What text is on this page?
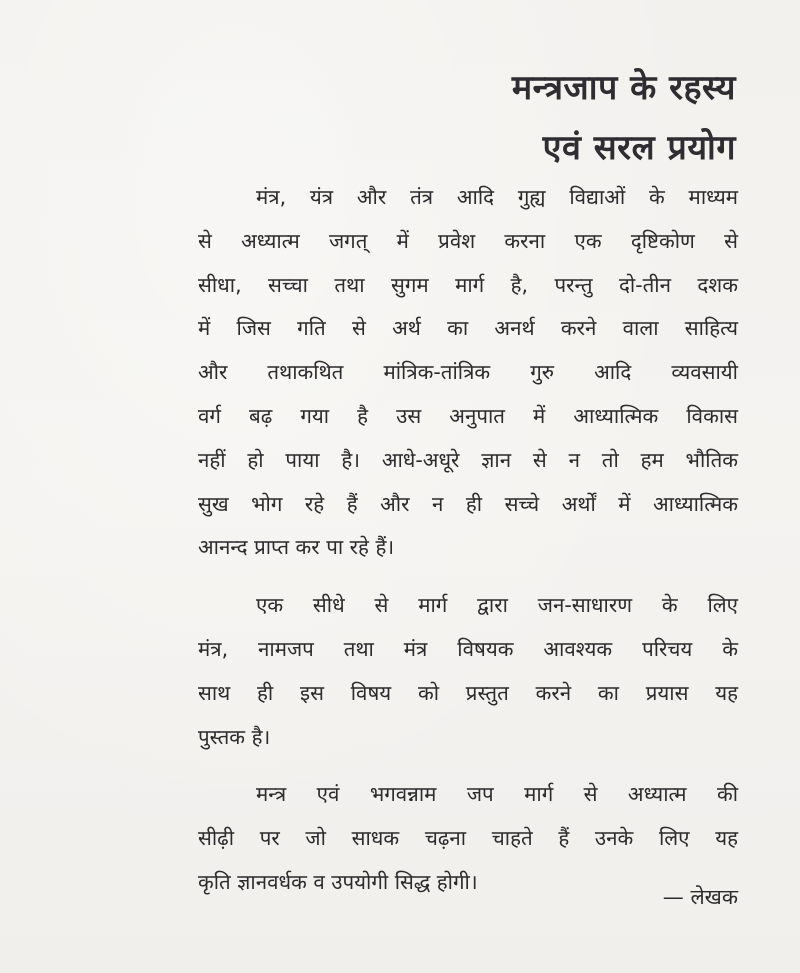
मन्त्रजाप के रहस्य
एवं सरल प्रयोग
मंत्र, यंत्र और तंत्र आदि गुह्य विद्याओं के माध्यम
से अध्यात्म जगत् में प्रवेश करना एक दृष्टिकोण से
सीधा, सच्चा तथा सुगम मार्ग है, परन्तु दो-तीन दशक
में जिस गति से अर्थ का अनर्थ करने वाला साहित्य
और तथाकथित मांत्रिक-तांत्रिक गुरु आदि व्यवसायी
वर्ग बढ़ गया है उस अनुपात में आध्यात्मिक विकास
नहीं हो पाया है। आधे-अधूरे ज्ञान से न तो हम भौतिक
सुख भोग रहे हैं और न ही सच्चे अर्थों में आध्यात्मिक
आनन्द प्राप्त कर पा रहे हैं।
एक सीधे से मार्ग द्वारा जन-साधारण के लिए
मंत्र, नामजप तथा मंत्र विषयक आवश्यक परिचय के
साथ ही इस विषय को प्रस्तुत करने का प्रयास यह
पुस्तक है।
मन्त्र एवं भगवन्नाम जप मार्ग से अध्यात्म की
सीढ़ी पर जो साधक चढ़ना चाहते हैं उनके लिए यह
कृति ज्ञानवर्धक व उपयोगी सिद्ध होगी।
— लेखक
